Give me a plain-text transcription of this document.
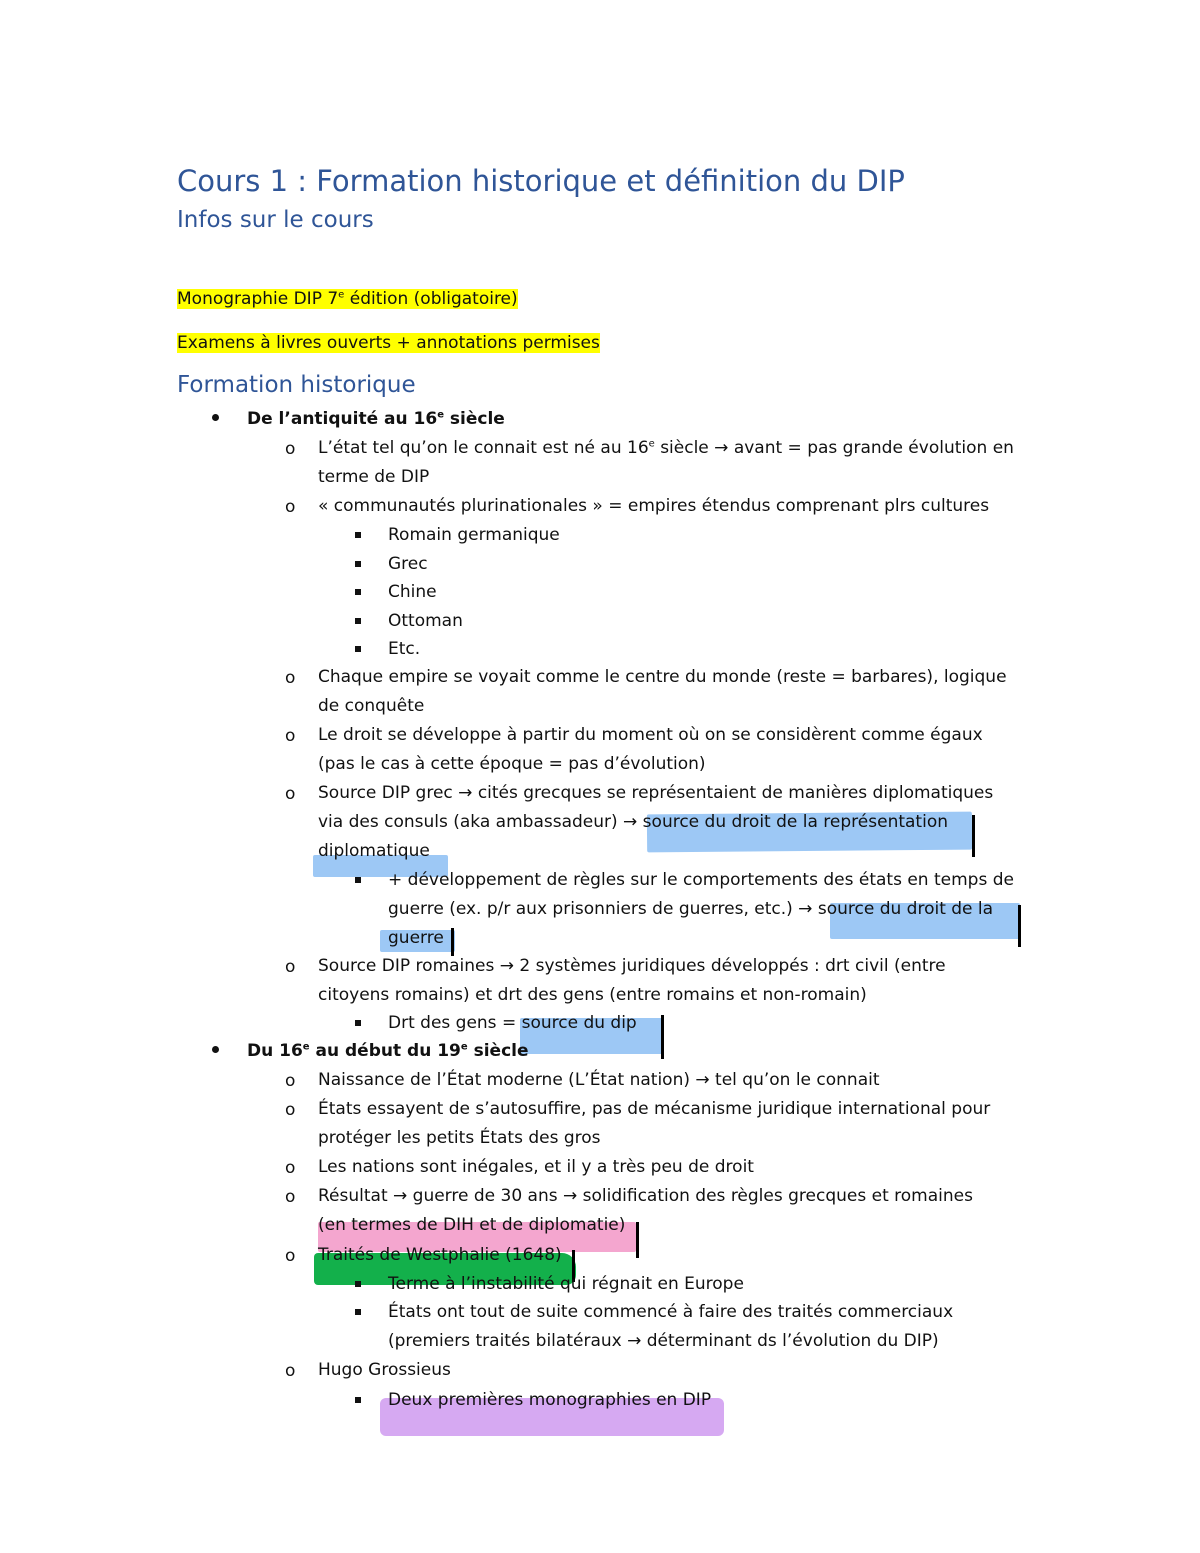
Cours 1 : Formation historique et définition du DIP
Infos sur le cours
Monographie DIP 7e édition (obligatoire)
Examens à livres ouverts + annotations permises
Formation historique
De l’antiquité au 16e siècle
o L’état tel qu’on le connait est né au 16e siècle → avant = pas grande évolution en
terme de DIP
o « communautés plurinationales » = empires étendus comprenant plrs cultures
Romain germanique
Grec
Chine
Ottoman
Etc.
o Chaque empire se voyait comme le centre du monde (reste = barbares), logique
de conquête
o Le droit se développe à partir du moment où on se considèrent comme égaux
(pas le cas à cette époque = pas d’évolution)
o Source DIP grec → cités grecques se représentaient de manières diplomatiques
via des consuls (aka ambassadeur) → source du droit de la représentation
diplomatique
+ développement de règles sur le comportements des états en temps de
guerre (ex. p/r aux prisonniers de guerres, etc.) → source du droit de la
guerre
o Source DIP romaines → 2 systèmes juridiques développés : drt civil (entre
citoyens romains) et drt des gens (entre romains et non-romain)
Drt des gens = source du dip
Du 16e au début du 19e siècle
o Naissance de l’État moderne (L’État nation) → tel qu’on le connait
o États essayent de s’autosuffire, pas de mécanisme juridique international pour
protéger les petits États des gros
o Les nations sont inégales, et il y a très peu de droit
o Résultat → guerre de 30 ans → solidification des règles grecques et romaines
(en termes de DIH et de diplomatie)
o Traités de Westphalie (1648)
Terme à l’instabilité qui régnait en Europe
États ont tout de suite commencé à faire des traités commerciaux
(premiers traités bilatéraux → déterminant ds l’évolution du DIP)
o Hugo Grossieus
Deux premières monographies en DIP
